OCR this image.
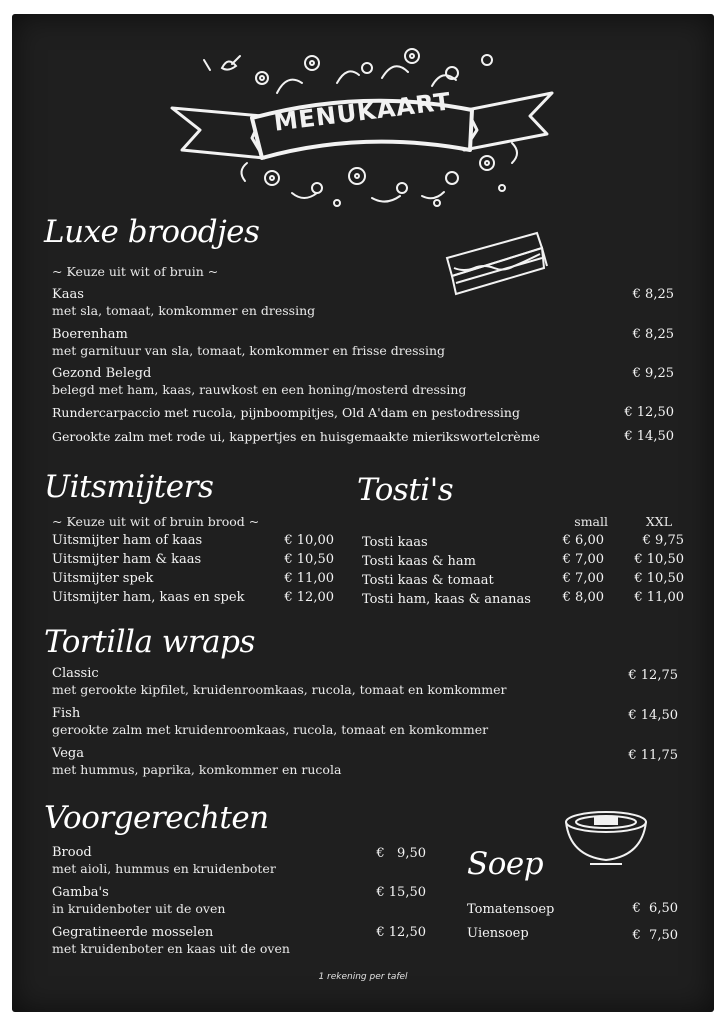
MENUKAART
Luxe broodjes
~ Keuze uit wit of bruin ~
Kaas
met sla, tomaat, komkommer en dressing
€ 8,25
Boerenham
met garnituur van sla, tomaat, komkommer en frisse dressing
€ 8,25
Gezond Belegd
belegd met ham, kaas, rauwkost en een honing/mosterd dressing
€ 9,25
Rundercarpaccio met rucola, pijnboompitjes, Old A'dam en pestodressing	€ 12,50
Gerookte zalm met rode ui, kappertjes en huisgemaakte mierikswortelcrème	€ 14,50
Uitsmijters
~ Keuze uit wit of bruin brood ~
Uitsmijter ham of kaas	€ 10,00
Uitsmijter ham & kaas	€ 10,50
Uitsmijter spek	€ 11,00
Uitsmijter ham, kaas en spek	€ 12,00
Tosti's
small	XXL
Tosti kaas	€ 6,00	€ 9,75
Tosti kaas & ham	€ 7,00	€ 10,50
Tosti kaas & tomaat	€ 7,00	€ 10,50
Tosti ham, kaas & ananas	€ 8,00	€ 11,00
Tortilla wraps
Classic
met gerookte kipfilet, kruidenroomkaas, rucola, tomaat en komkommer
€ 12,75
Fish
gerookte zalm met kruidenroomkaas, rucola, tomaat en komkommer
€ 14,50
Vega
met hummus, paprika, komkommer en rucola
€ 11,75
Voorgerechten
Brood
met aioli, hummus en kruidenboter
€   9,50
Gamba's
in kruidenboter uit de oven
€ 15,50
Gegratineerde mosselen
met kruidenboter en kaas uit de oven
€ 12,50
Soep
Tomatensoep	€  6,50
Uiensoep	€  7,50
1 rekening per tafel
